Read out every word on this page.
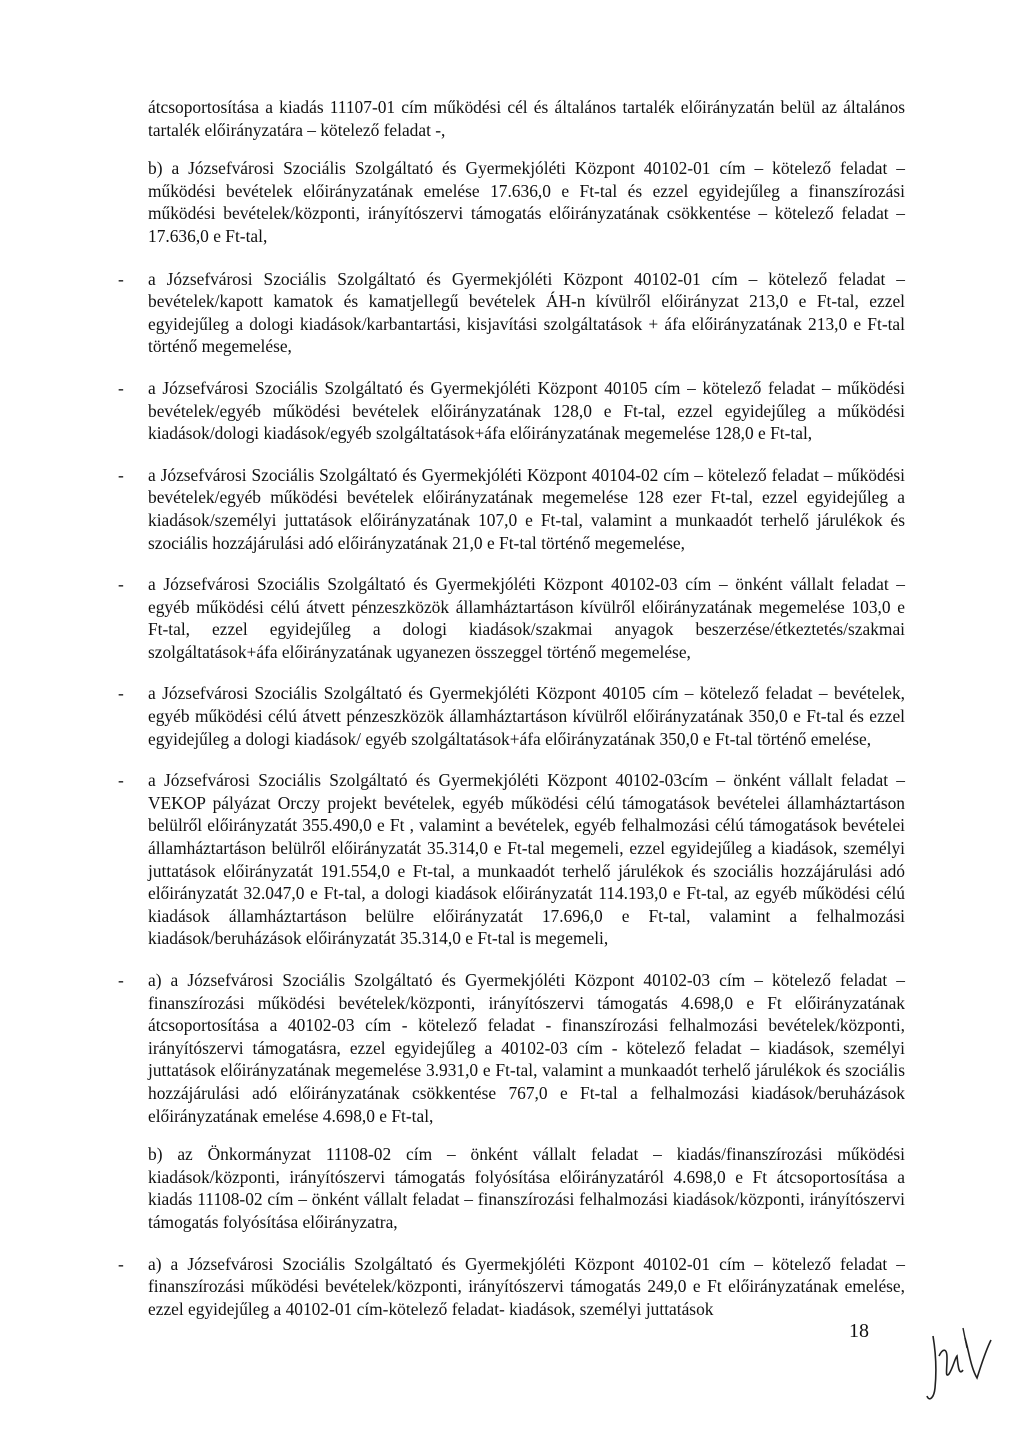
átcsoportosítása a kiadás 11107-01 cím működési cél és általános tartalék előirányzatán belül az általános tartalék előirányzatára – kötelező feladat -,

b) a Józsefvárosi Szociális Szolgáltató és Gyermekjóléti Központ 40102-01 cím – kötelező feladat – működési bevételek előirányzatának emelése 17.636,0 e Ft-tal és ezzel egyidejűleg a finanszírozási működési bevételek/központi, irányítószervi támogatás előirányzatának csökkentése – kötelező feladat – 17.636,0 e Ft-tal,

- a Józsefvárosi Szociális Szolgáltató és Gyermekjóléti Központ 40102-01 cím – kötelező feladat – bevételek/kapott kamatok és kamatjellegű bevételek ÁH-n kívülről előirányzat 213,0 e Ft-tal, ezzel egyidejűleg a dologi kiadások/karbantartási, kisjavítási szolgáltatások + áfa előirányzatának 213,0 e Ft-tal történő megemelése,
- a Józsefvárosi Szociális Szolgáltató és Gyermekjóléti Központ 40105 cím – kötelező feladat – működési bevételek/egyéb működési bevételek előirányzatának 128,0 e Ft-tal, ezzel egyidejűleg a működési kiadások/dologi kiadások/egyéb szolgáltatások+áfa előirányzatának megemelése 128,0 e Ft-tal,
- a Józsefvárosi Szociális Szolgáltató és Gyermekjóléti Központ 40104-02 cím – kötelező feladat – működési bevételek/egyéb működési bevételek előirányzatának megemelése 128 ezer Ft-tal, ezzel egyidejűleg a kiadások/személyi juttatások előirányzatának 107,0 e Ft-tal, valamint a munkaadót terhelő járulékok és szociális hozzájárulási adó előirányzatának 21,0 e Ft-tal történő megemelése,
- a Józsefvárosi Szociális Szolgáltató és Gyermekjóléti Központ 40102-03 cím – önként vállalt feladat – egyéb működési célú átvett pénzeszközök államháztartáson kívülről előirányzatának megemelése 103,0 e Ft-tal, ezzel egyidejűleg a dologi kiadások/szakmai anyagok beszerzése/étkeztetés/szakmai szolgáltatások+áfa előirányzatának ugyanezen összeggel történő megemelése,
- a Józsefvárosi Szociális Szolgáltató és Gyermekjóléti Központ 40105 cím – kötelező feladat – bevételek, egyéb működési célú átvett pénzeszközök államháztartáson kívülről előirányzatának 350,0 e Ft-tal és ezzel egyidejűleg a dologi kiadások/ egyéb szolgáltatások+áfa előirányzatának 350,0 e Ft-tal történő emelése,
- a Józsefvárosi Szociális Szolgáltató és Gyermekjóléti Központ 40102-03cím – önként vállalt feladat – VEKOP pályázat Orczy projekt bevételek, egyéb működési célú támogatások bevételei államháztartáson belülről előirányzatát 355.490,0 e Ft , valamint a bevételek, egyéb felhalmozási célú támogatások bevételei államháztartáson belülről előirányzatát 35.314,0 e Ft-tal megemeli, ezzel egyidejűleg a kiadások, személyi juttatások előirányzatát 191.554,0 e Ft-tal, a munkaadót terhelő járulékok és szociális hozzájárulási adó előirányzatát 32.047,0 e Ft-tal, a dologi kiadások előirányzatát 114.193,0 e Ft-tal, az egyéb működési célú kiadások államháztartáson belülre előirányzatát 17.696,0 e Ft-tal, valamint a felhalmozási kiadások/beruházások előirányzatát 35.314,0 e Ft-tal is megemeli,
- a) a Józsefvárosi Szociális Szolgáltató és Gyermekjóléti Központ 40102-03 cím – kötelező feladat –finanszírozási működési bevételek/központi, irányítószervi támogatás 4.698,0 e Ft előirányzatának átcsoportosítása a 40102-03 cím - kötelező feladat - finanszírozási felhalmozási bevételek/központi, irányítószervi támogatásra, ezzel egyidejűleg a 40102-03 cím - kötelező feladat – kiadások, személyi juttatások előirányzatának megemelése 3.931,0 e Ft-tal, valamint a munkaadót terhelő járulékok és szociális hozzájárulási adó előirányzatának csökkentése 767,0 e Ft-tal a felhalmozási kiadások/beruházások előirányzatának emelése 4.698,0 e Ft-tal,

b) az Önkormányzat 11108-02 cím – önként vállalt feladat – kiadás/finanszírozási működési kiadások/központi, irányítószervi támogatás folyósítása előirányzatáról 4.698,0 e Ft átcsoportosítása a kiadás 11108-02 cím – önként vállalt feladat – finanszírozási felhalmozási kiadások/központi, irányítószervi támogatás folyósítása előirányzatra,

- a) a Józsefvárosi Szociális Szolgáltató és Gyermekjóléti Központ 40102-01 cím – kötelező feladat –finanszírozási működési bevételek/központi, irányítószervi támogatás 249,0 e Ft előirányzatának emelése, ezzel egyidejűleg a 40102-01 cím-kötelező feladat- kiadások, személyi juttatások
18
